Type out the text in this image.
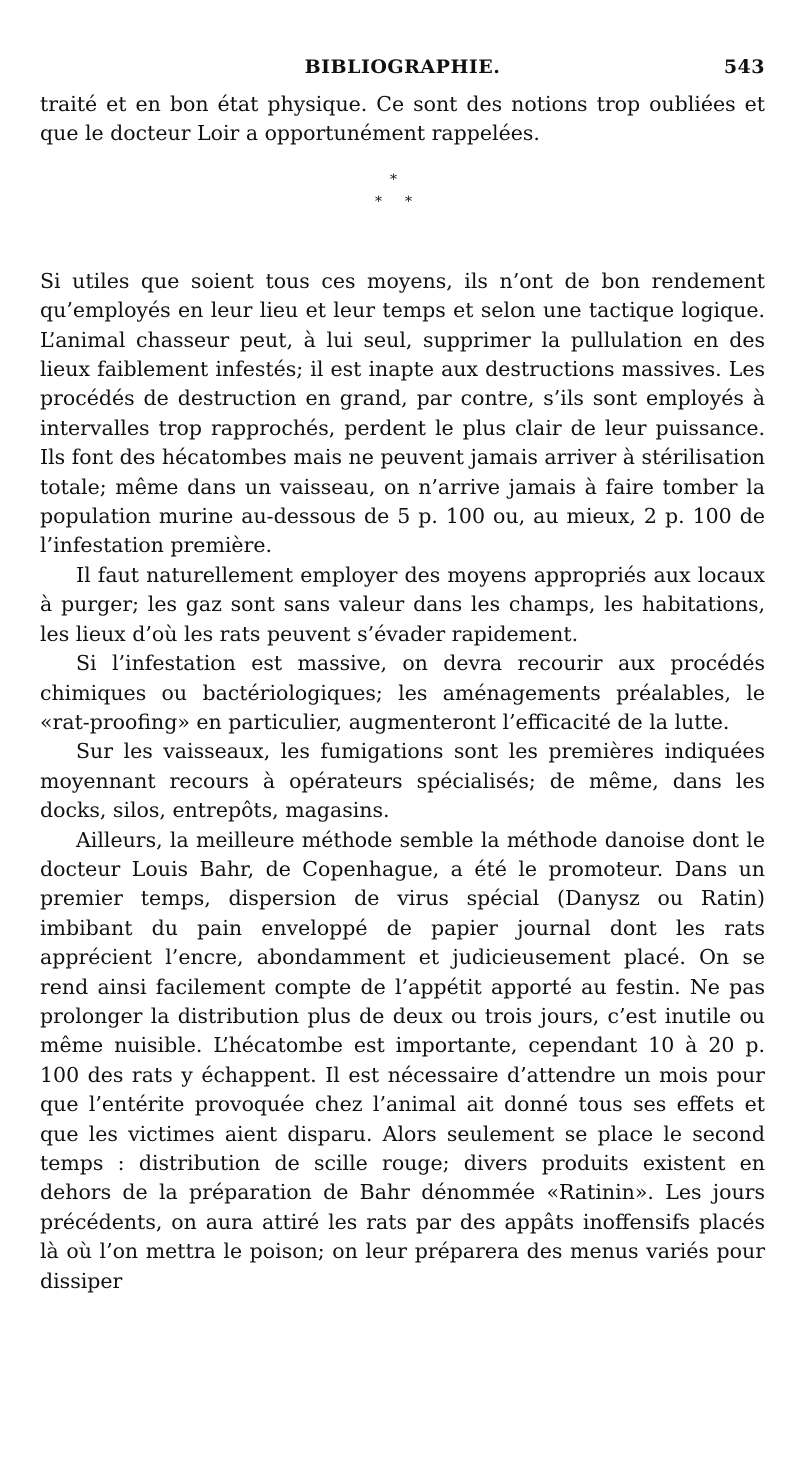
BIBLIOGRAPHIE.	543

traité et en bon état physique. Ce sont des notions trop oubliées et que le docteur Loir a opportunément rappelées.

*
* *

Si utiles que soient tous ces moyens, ils n’ont de bon rendement qu’employés en leur lieu et leur temps et selon une tactique logique. L’animal chasseur peut, à lui seul, supprimer la pullulation en des lieux faiblement infestés; il est inapte aux destructions massives. Les procédés de destruction en grand, par contre, s’ils sont employés à intervalles trop rapprochés, perdent le plus clair de leur puissance. Ils font des hécatombes mais ne peuvent jamais arriver à stérilisation totale; même dans un vaisseau, on n’arrive jamais à faire tomber la population murine au-dessous de 5 p. 100 ou, au mieux, 2 p. 100 de l’infestation première.

Il faut naturellement employer des moyens appropriés aux locaux à purger; les gaz sont sans valeur dans les champs, les habitations, les lieux d’où les rats peuvent s’évader rapidement.

Si l’infestation est massive, on devra recourir aux procédés chimiques ou bactériologiques; les aménagements préalables, le «rat-proofing» en particulier, augmenteront l’efficacité de la lutte.

Sur les vaisseaux, les fumigations sont les premières indiquées moyennant recours à opérateurs spécialisés; de même, dans les docks, silos, entrepôts, magasins.

Ailleurs, la meilleure méthode semble la méthode danoise dont le docteur Louis Bahr, de Copenhague, a été le promoteur. Dans un premier temps, dispersion de virus spécial (Danysz ou Ratin) imbibant du pain enveloppé de papier journal dont les rats apprécient l’encre, abondamment et judicieusement placé. On se rend ainsi facilement compte de l’appétit apporté au festin. Ne pas prolonger la distribution plus de deux ou trois jours, c’est inutile ou même nuisible. L’hécatombe est importante, cependant 10 à 20 p. 100 des rats y échappent. Il est nécessaire d’attendre un mois pour que l’entérite provoquée chez l’animal ait donné tous ses effets et que les victimes aient disparu. Alors seulement se place le second temps : distribution de scille rouge; divers produits existent en dehors de la préparation de Bahr dénommée «Ratinin». Les jours précédents, on aura attiré les rats par des appâts inoffensifs placés là où l’on mettra le poison; on leur préparera des menus variés pour dissiper
